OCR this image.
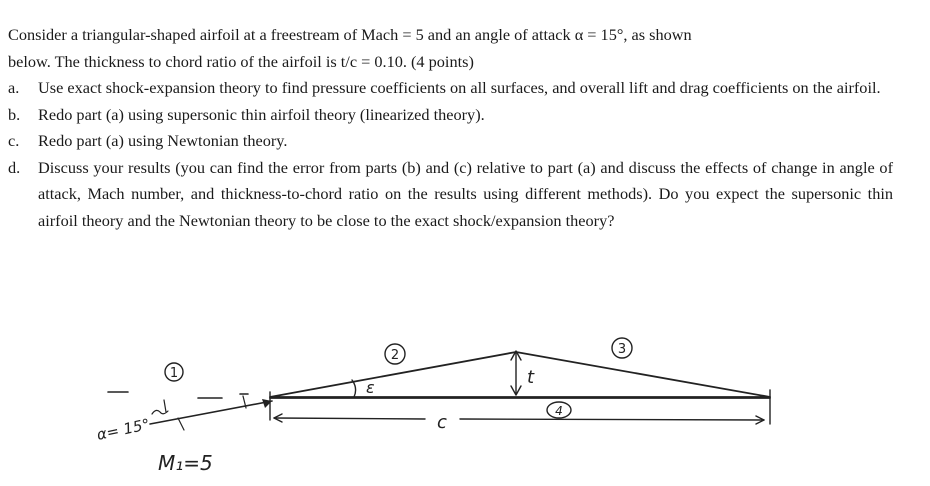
Consider a triangular-shaped airfoil at a freestream of Mach = 5 and an angle of attack α = 15°, as shown
below. The thickness to chord ratio of the airfoil is t/c = 0.10. (4 points)

a.	Use exact shock-expansion theory to find pressure coefficients on all surfaces, and overall lift and drag coefficients on the airfoil.
b.	Redo part (a) using supersonic thin airfoil theory (linearized theory).
c.	Redo part (a) using Newtonian theory.
d.	Discuss your results (you can find the error from parts (b) and (c) relative to part (a) and discuss the effects of change in angle of attack, Mach number, and thickness-to-chord ratio on the results using different methods). Do you expect the supersonic thin airfoil theory and the Newtonian theory to be close to the exact shock/expansion theory?
1
2	3
4
α= 15°
M₁=5
ε
c
t
